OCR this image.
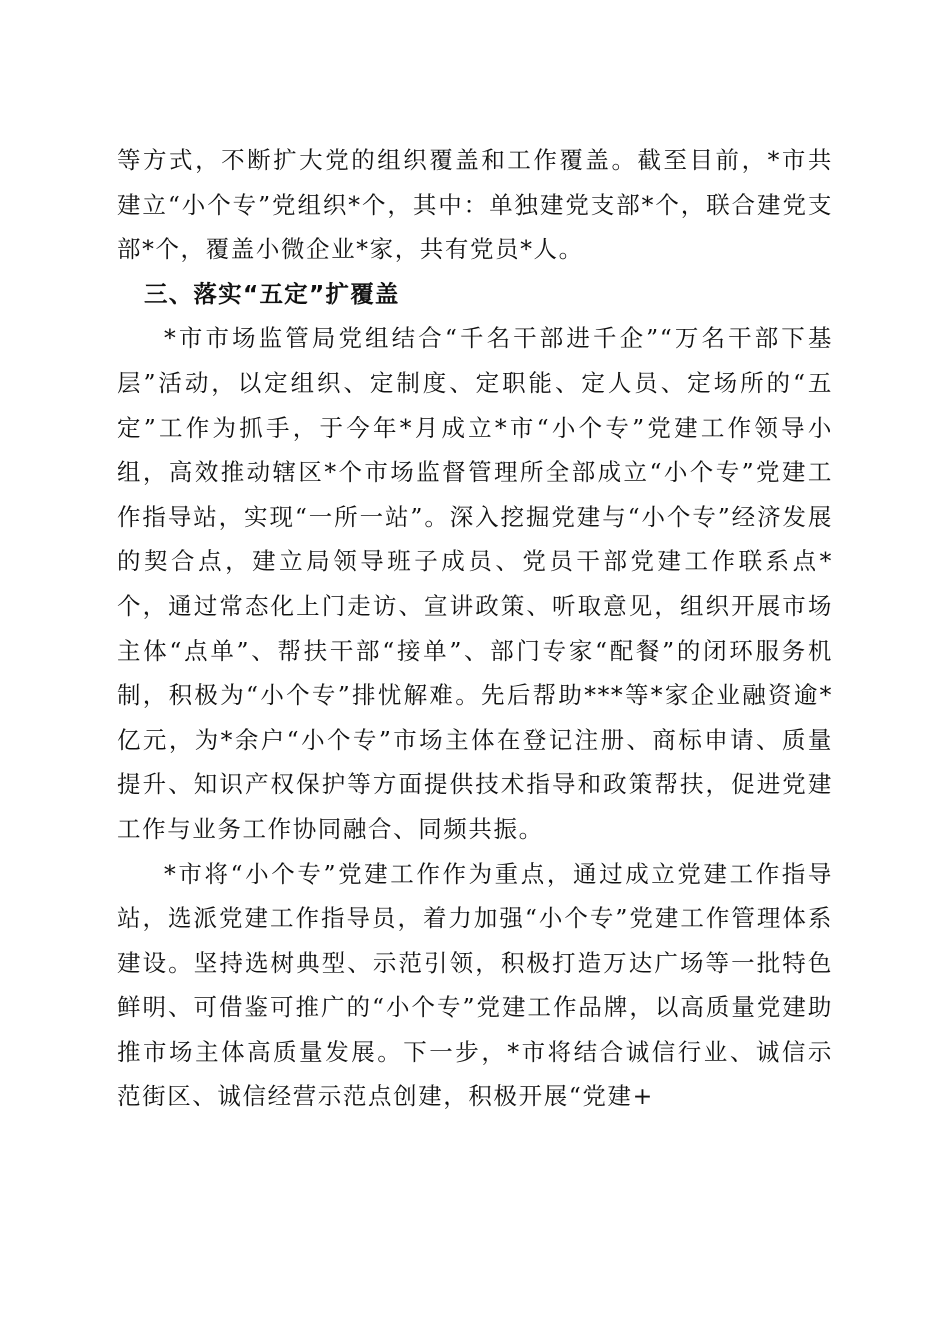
等方式，不断扩大党的组织覆盖和工作覆盖。截至目前，*市共建立“小个专”党组织*个，其中：单独建党支部*个，联合建党支部*个，覆盖小微企业*家，共有党员*人。

三、落实“五定”扩覆盖

*市市场监管局党组结合“千名干部进千企”“万名干部下基层”活动，以定组织、定制度、定职能、定人员、定场所的“五定”工作为抓手，于今年*月成立*市“小个专”党建工作领导小组，高效推动辖区*个市场监督管理所全部成立“小个专”党建工作指导站，实现“一所一站”。深入挖掘党建与“小个专”经济发展的契合点，建立局领导班子成员、党员干部党建工作联系点*个，通过常态化上门走访、宣讲政策、听取意见，组织开展市场主体“点单”、帮扶干部“接单”、部门专家“配餐”的闭环服务机制，积极为“小个专”排忧解难。先后帮助***等*家企业融资逾*亿元，为*余户“小个专”市场主体在登记注册、商标申请、质量提升、知识产权保护等方面提供技术指导和政策帮扶，促进党建工作与业务工作协同融合、同频共振。

*市将“小个专”党建工作作为重点，通过成立党建工作指导站，选派党建工作指导员，着力加强“小个专”党建工作管理体系建设。坚持选树典型、示范引领，积极打造万达广场等一批特色鲜明、可借鉴可推广的“小个专”党建工作品牌，以高质量党建助推市场主体高质量发展。下一步，*市将结合诚信行业、诚信示范街区、诚信经营示范点创建，积极开展“党建+
